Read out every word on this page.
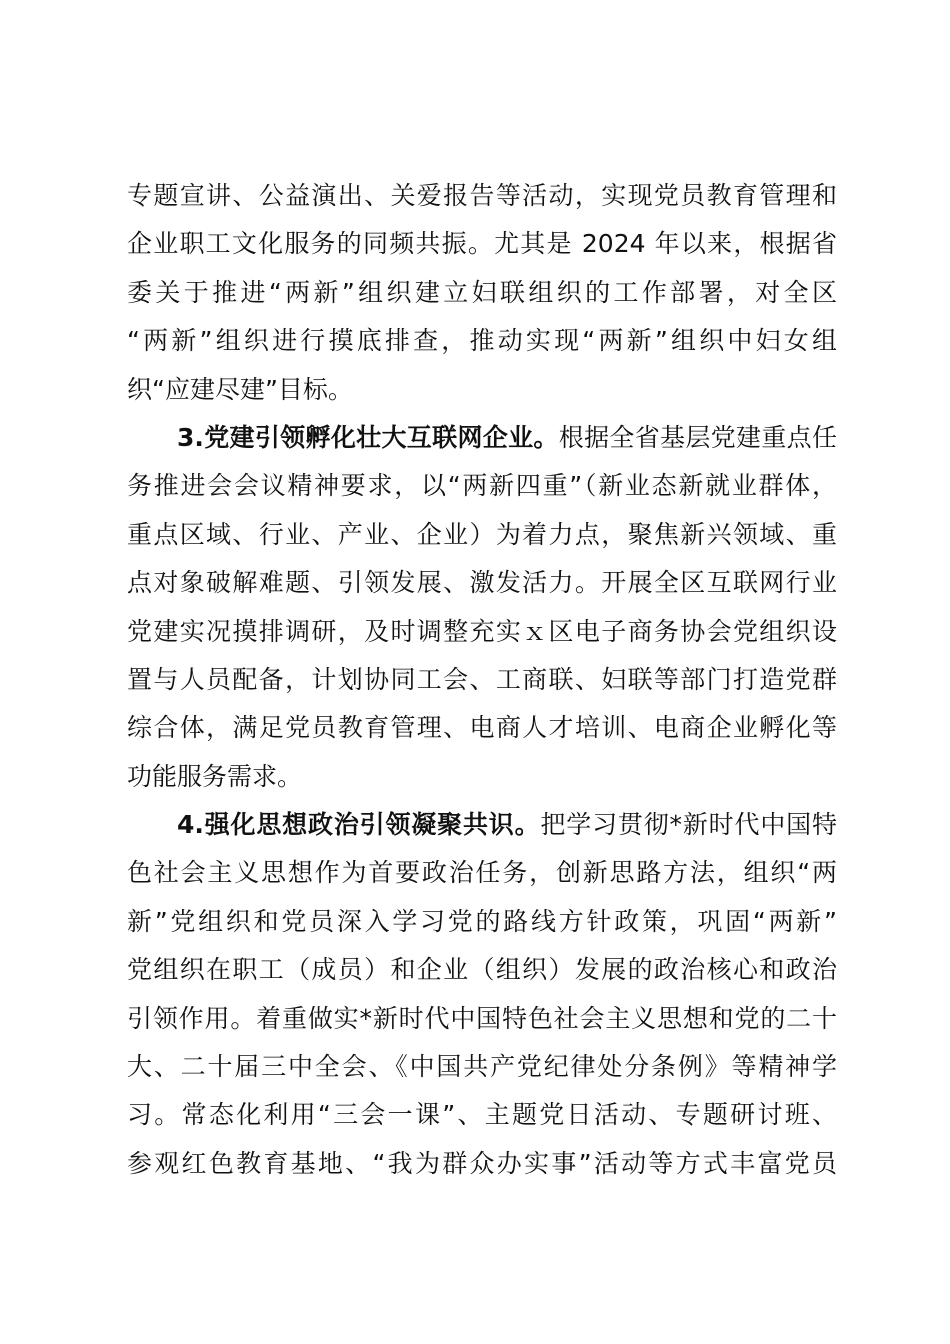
专题宣讲、公益演出、关爱报告等活动，实现党员教育管理和
企业职工文化服务的同频共振。尤其是 2024 年以来，根据省
委关于推进“两新”组织建立妇联组织的工作部署，对全区
“两新”组织进行摸底排查，推动实现“两新”组织中妇女组
织“应建尽建”目标。
3.党建引领孵化壮大互联网企业。根据全省基层党建重点任
务推进会会议精神要求，以“两新四重”（新业态新就业群体，
重点区域、行业、产业、企业）为着力点，聚焦新兴领域、重
点对象破解难题、引领发展、激发活力。开展全区互联网行业
党建实况摸排调研，及时调整充实ｘ区电子商务协会党组织设
置与人员配备，计划协同工会、工商联、妇联等部门打造党群
综合体，满足党员教育管理、电商人才培训、电商企业孵化等
功能服务需求。
4.强化思想政治引领凝聚共识。把学习贯彻*新时代中国特
色社会主义思想作为首要政治任务，创新思路方法，组织“两
新”党组织和党员深入学习党的路线方针政策，巩固“两新”
党组织在职工（成员）和企业（组织）发展的政治核心和政治
引领作用。着重做实*新时代中国特色社会主义思想和党的二十
大、二十届三中全会、《中国共产党纪律处分条例》等精神学
习。常态化利用“三会一课”、主题党日活动、专题研讨班、
参观红色教育基地、“我为群众办实事”活动等方式丰富党员
